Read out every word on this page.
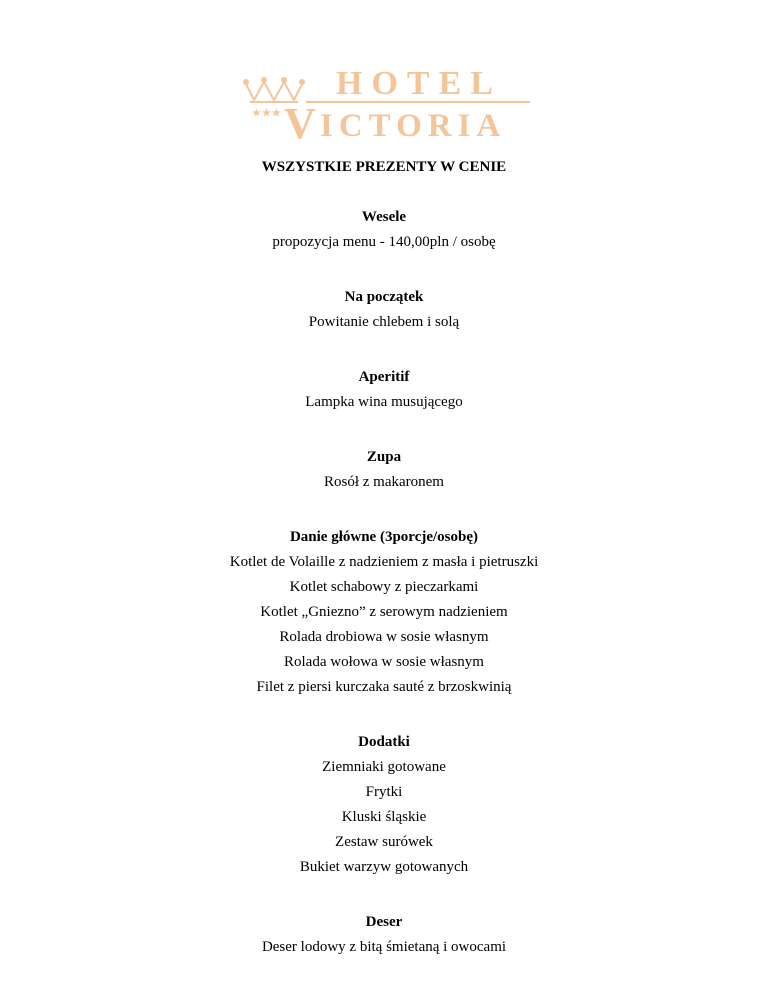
★★★
HOTEL
V ICTORIA
WSZYSTKIE PREZENTY W CENIE
Wesele
propozycja menu - 140,00pln / osobę
Na początek
Powitanie chlebem i solą
Aperitif
Lampka wina musującego
Zupa
Rosół z makaronem
Danie główne (3porcje/osobę)
Kotlet de Volaille z nadzieniem z masła i pietruszki
Kotlet schabowy z pieczarkami
Kotlet „Gniezno” z serowym nadzieniem
Rolada drobiowa w sosie własnym
Rolada wołowa w sosie własnym
Filet z piersi kurczaka sauté z brzoskwinią
Dodatki
Ziemniaki gotowane
Frytki
Kluski śląskie
Zestaw surówek
Bukiet warzyw gotowanych
Deser
Deser lodowy z bitą śmietaną i owocami
